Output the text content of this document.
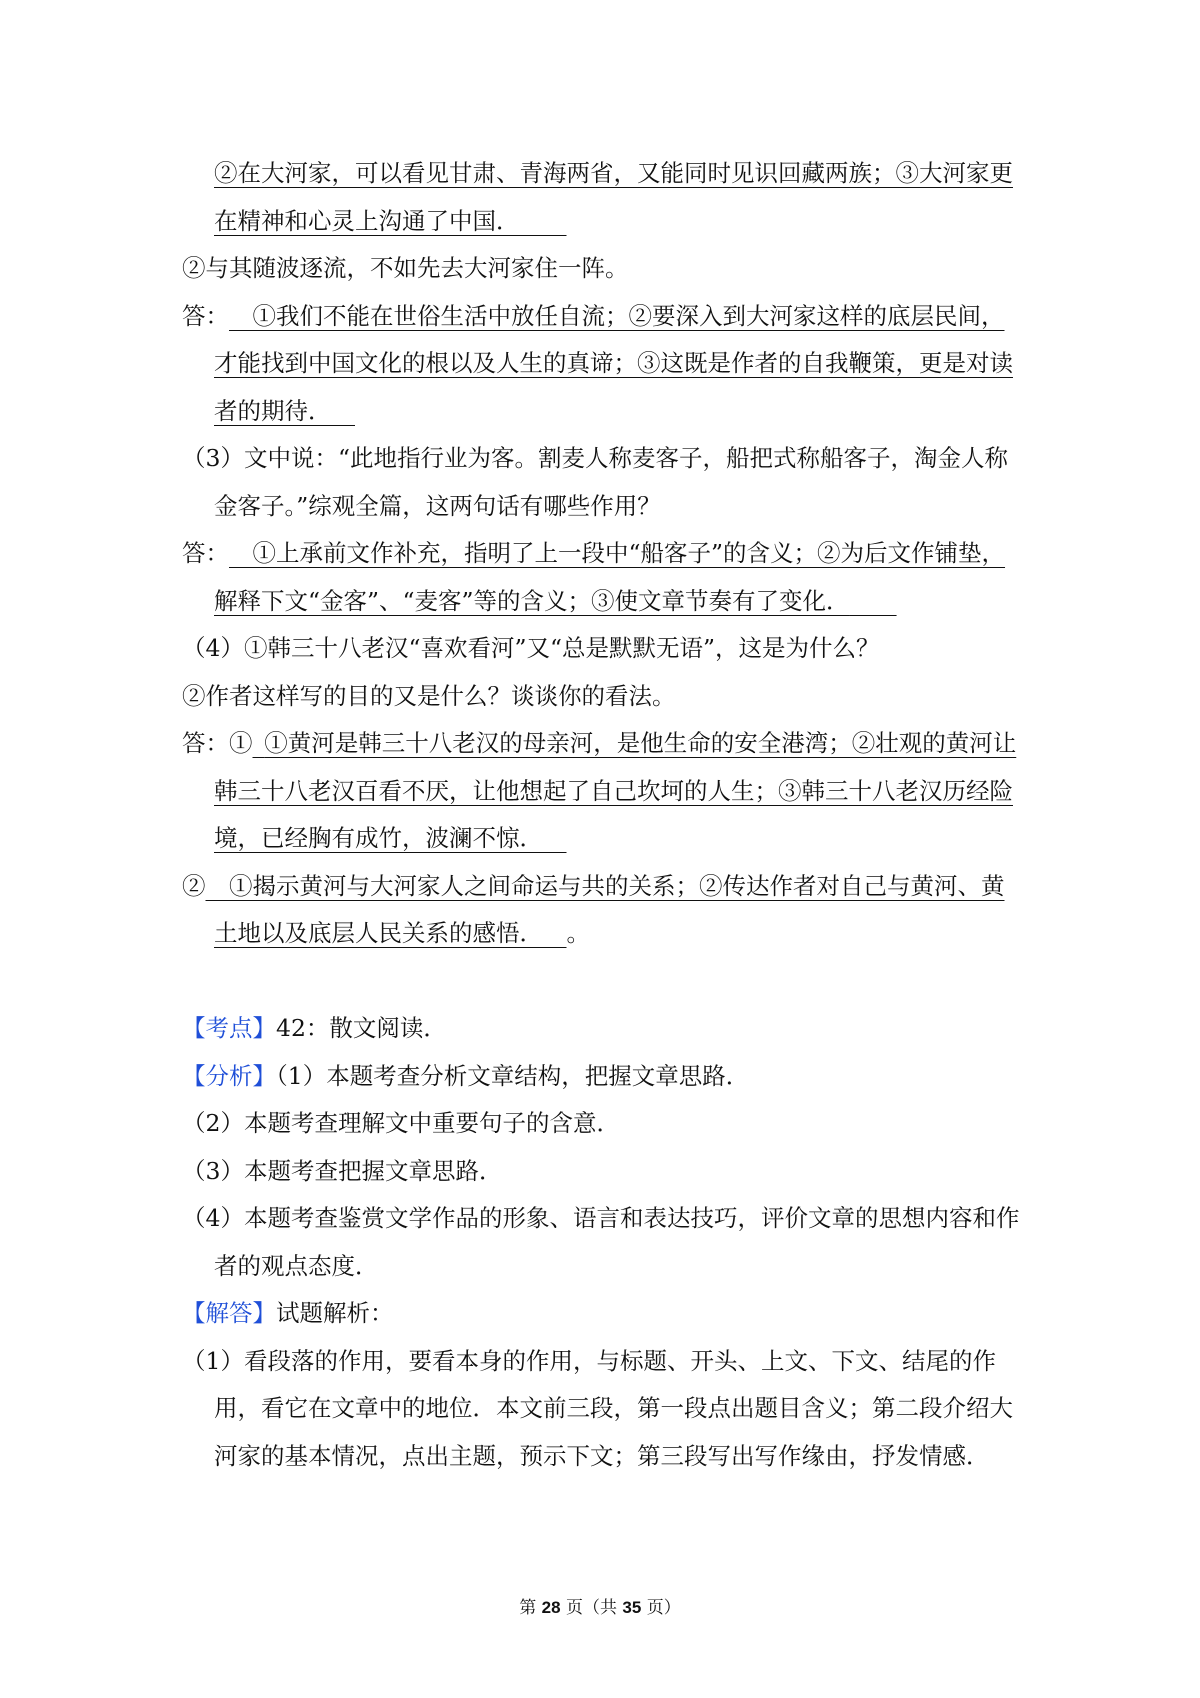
②在大河家，可以看见甘肃、青海两省，又能同时见识回藏两族；③大河家更在精神和心灵上沟通了中国．  

②与其随波逐流，不如先去大河家住一阵。

答：   ①我们不能在世俗生活中放任自流；②要深入到大河家这样的底层民间，才能找到中国文化的根以及人生的真谛；③这既是作者的自我鞭策，更是对读者的期待． 

（3）文中说：“此地指行业为客。割麦人称麦客子，船把式称船客子，淘金人称金客子。”综观全篇，这两句话有哪些作用？

答：   ①上承前文作补充，指明了上一段中“船客子”的含义；②为后文作铺垫，解释下文“金客”、“麦客”等的含义；③使文章节奏有了变化．  

（4）①韩三十八老汉“喜欢看河”又“总是默默无语”，这是为什么？

②作者这样写的目的又是什么？谈谈你的看法。

答：①  ①黄河是韩三十八老汉的母亲河，是他生命的安全港湾；②壮观的黄河让韩三十八老汉百看不厌，让他想起了自己坎坷的人生；③韩三十八老汉历经险境，已经胸有成竹，波澜不惊． 

②   ①揭示黄河与大河家人之间命运与共的关系；②传达作者对自己与黄河、黄土地以及底层人民关系的感悟．  。

【考点】42：散文阅读．

【分析】（1）本题考查分析文章结构，把握文章思路．

（2）本题考查理解文中重要句子的含意．

（3）本题考查把握文章思路．

（4）本题考查鉴赏文学作品的形象、语言和表达技巧，评价文章的思想内容和作者的观点态度．

【解答】试题解析：

（1）看段落的作用，要看本身的作用，与标题、开头、上文、下文、结尾的作用，看它在文章中的地位．本文前三段，第一段点出题目含义；第二段介绍大河家的基本情况，点出主题，预示下文；第三段写出写作缘由，抒发情感．

第 28 页（共 35 页）
